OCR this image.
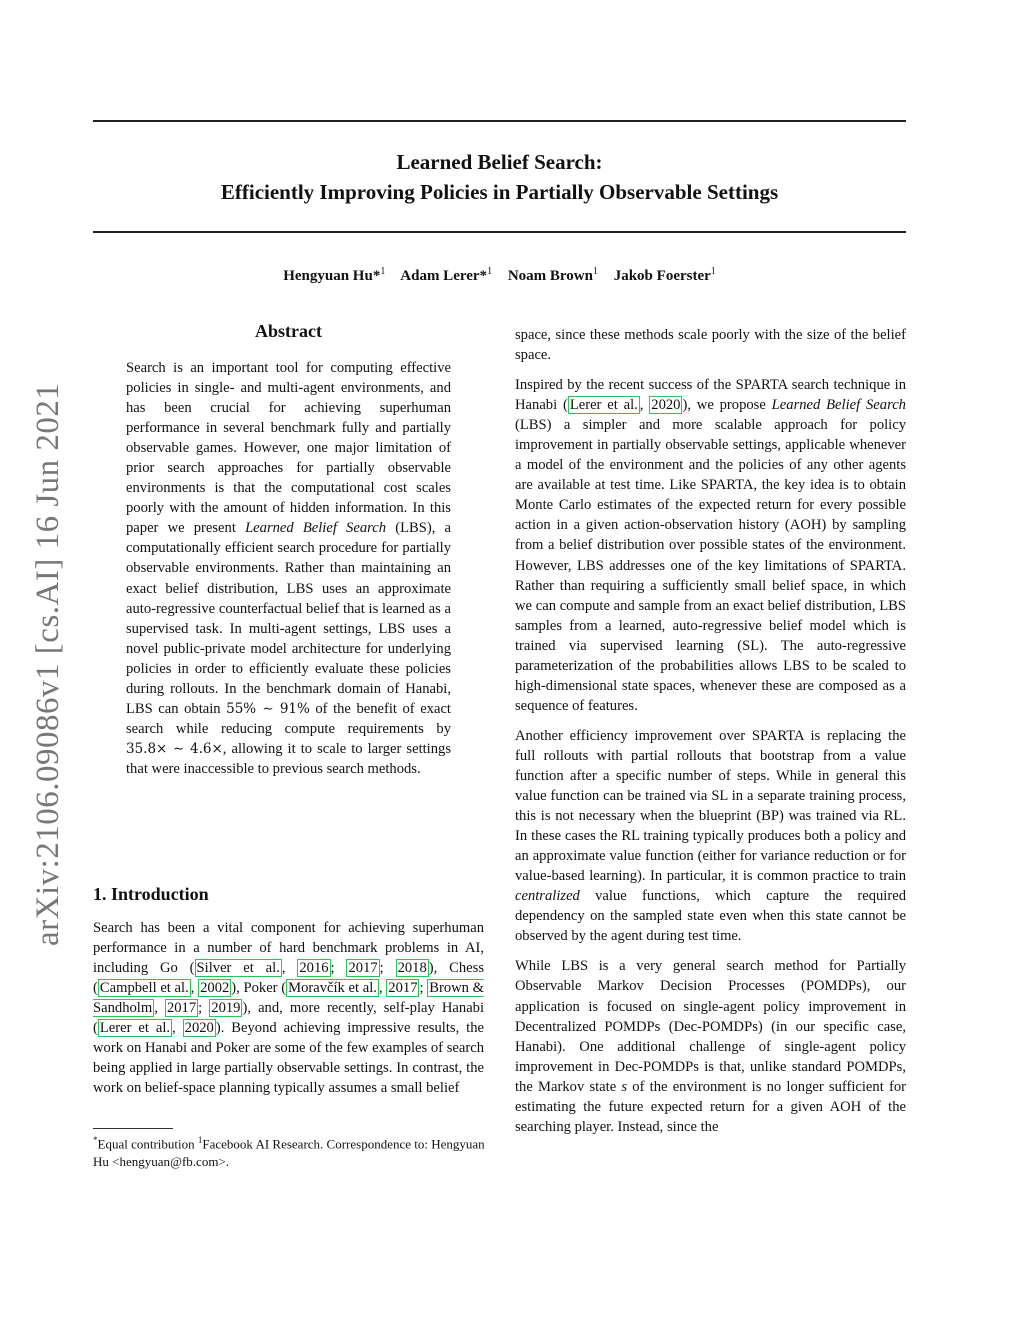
Learned Belief Search:
Efficiently Improving Policies in Partially Observable Settings
Hengyuan Hu*$^1$ Adam Lerer*$^1$ Noam Brown$^1$ Jakob Foerster$^1$
arXiv:2106.09086v1 [cs.AI] 16 Jun 2021
Abstract
Search is an important tool for computing effective policies in single- and multi-agent environments, and has been crucial for achieving superhuman performance in several benchmark fully and partially observable games. However, one major limitation of prior search approaches for partially observable environments is that the computational cost scales poorly with the amount of hidden information. In this paper we present Learned Belief Search (LBS), a computationally efficient search procedure for partially observable environments. Rather than maintaining an exact belief distribution, LBS uses an approximate auto-regressive counterfactual belief that is learned as a supervised task. In multi-agent settings, LBS uses a novel public-private model architecture for underlying policies in order to efficiently evaluate these policies during rollouts. In the benchmark domain of Hanabi, LBS can obtain 55% ∼ 91% of the benefit of exact search while reducing compute requirements by 35.8× ∼ 4.6×, allowing it to scale to larger settings that were inaccessible to previous search methods.
1. Introduction
Search has been a vital component for achieving superhuman performance in a number of hard benchmark problems in AI, including Go ( Silver et al. , 2016 ; 2017 ; 2018 ), Chess ( Campbell et al. , 2002 ), Poker ( Moravčík et al. , 2017 ; Brown & Sandholm , 2017 ; 2019 ), and, more recently, self-play Hanabi ( Lerer et al. , 2020 ). Beyond achieving impressive results, the work on Hanabi and Poker are some of the few examples of search being applied in large partially observable settings. In contrast, the work on belief-space planning typically assumes a small belief

space, since these methods scale poorly with the size of the belief space.

Inspired by the recent success of the SPARTA search technique in Hanabi ( Lerer et al. , 2020 ), we propose Learned Belief Search (LBS) a simpler and more scalable approach for policy improvement in partially observable settings, applicable whenever a model of the environment and the policies of any other agents are available at test time. Like SPARTA, the key idea is to obtain Monte Carlo estimates of the expected return for every possible action in a given action-observation history (AOH) by sampling from a belief distribution over possible states of the environment. However, LBS addresses one of the key limitations of SPARTA. Rather than requiring a sufficiently small belief space, in which we can compute and sample from an exact belief distribution, LBS samples from a learned, auto-regressive belief model which is trained via supervised learning (SL). The auto-regressive parameterization of the probabilities allows LBS to be scaled to high-dimensional state spaces, whenever these are composed as a sequence of features.

Another efficiency improvement over SPARTA is replacing the full rollouts with partial rollouts that bootstrap from a value function after a specific number of steps. While in general this value function can be trained via SL in a separate training process, this is not necessary when the blueprint (BP) was trained via RL. In these cases the RL training typically produces both a policy and an approximate value function (either for variance reduction or for value-based learning). In particular, it is common practice to train centralized value functions, which capture the required dependency on the sampled state even when this state cannot be observed by the agent during test time.

While LBS is a very general search method for Partially Observable Markov Decision Processes (POMDPs), our application is focused on single-agent policy improvement in Decentralized POMDPs (Dec-POMDPs) (in our specific case, Hanabi). One additional challenge of single-agent policy improvement in Dec-POMDPs is that, unlike standard POMDPs, the Markov state s of the environment is no longer sufficient for estimating the future expected return for a given AOH of the searching player. Instead, since the

*Equal contribution $^1$Facebook AI Research. Correspondence to: Hengyuan Hu <hengyuan@fb.com>.
